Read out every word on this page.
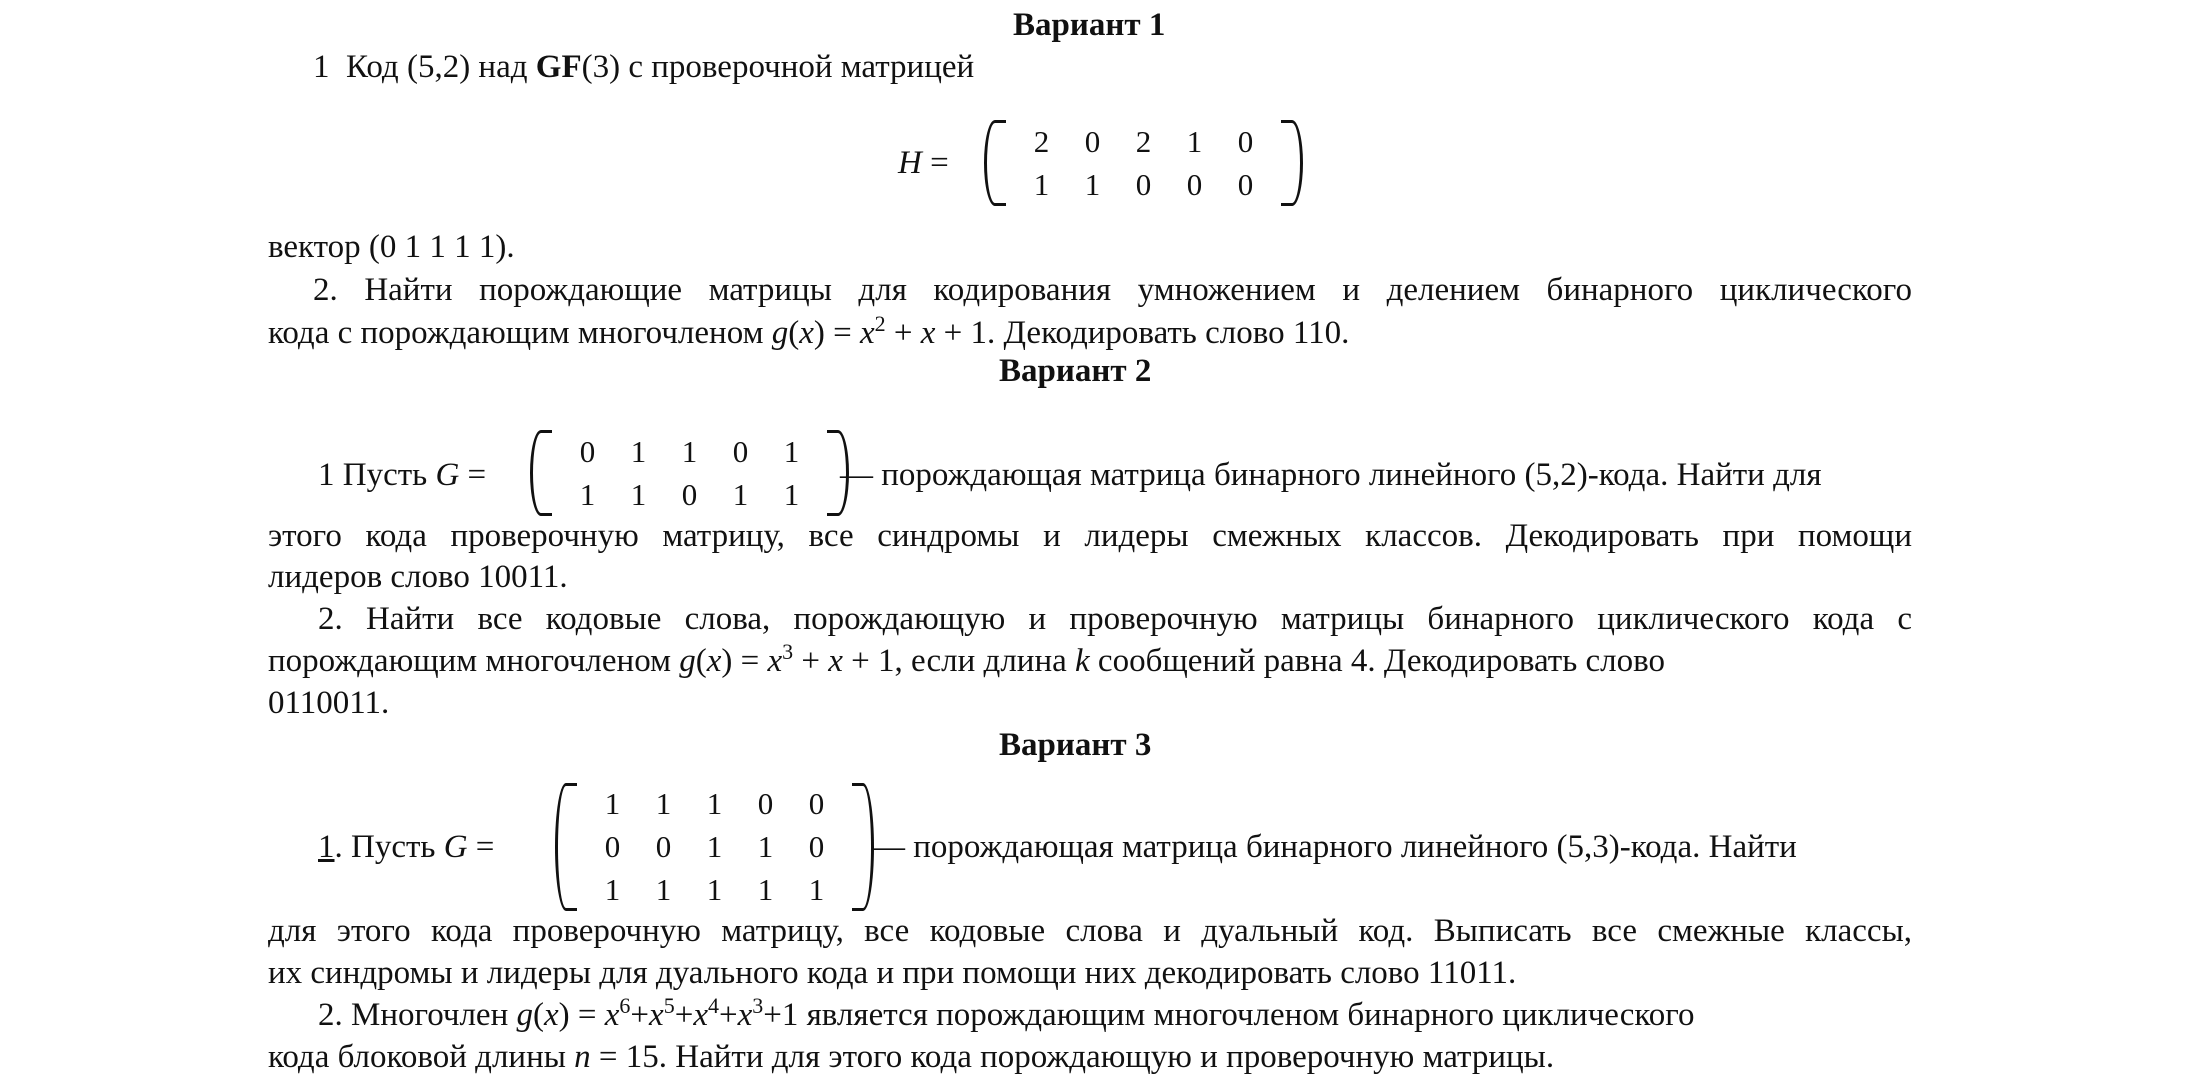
Вариант 1
1 Код (5,2) над GF(3) с проверочной матрицей
H =
2	0	2	1	0
1	1	0	0	0
вектор (0 1 1 1 1).
2. Найти порождающие матрицы для кодирования умножением и делением бинарного циклического
кода с порождающим многочленом $g(x) = x^2 + x + 1$. Декодировать слово 110.
Вариант 2
1 Пусть G =
0	1	1	0	1
1	1	0	1	1
— порождающая матрица бинарного линейного (5,2)-кода. Найти для
этого кода проверочную матрицу, все синдромы и лидеры смежных классов. Декодировать при помощи
лидеров слово 10011.
2. Найти все кодовые слова, порождающую и проверочную матрицы бинарного циклического кода с
порождающим многочленом $g(x) = x^3 + x + 1$, если длина k сообщений равна 4. Декодировать слово
0110011.
Вариант 3
1. Пусть G =
1	1	1	0	0
0	0	1	1	0
1	1	1	1	1
— порождающая матрица бинарного линейного (5,3)-кода. Найти
для этого кода проверочную матрицу, все кодовые слова и дуальный код. Выписать все смежные классы,
их синдромы и лидеры для дуального кода и при помощи них декодировать слово 11011.
2. Многочлен $g(x) = x^6+x^5+x^4+x^3+1$ является порождающим многочленом бинарного циклического
кода блоковой длины n = 15. Найти для этого кода порождающую и проверочную матрицы.
